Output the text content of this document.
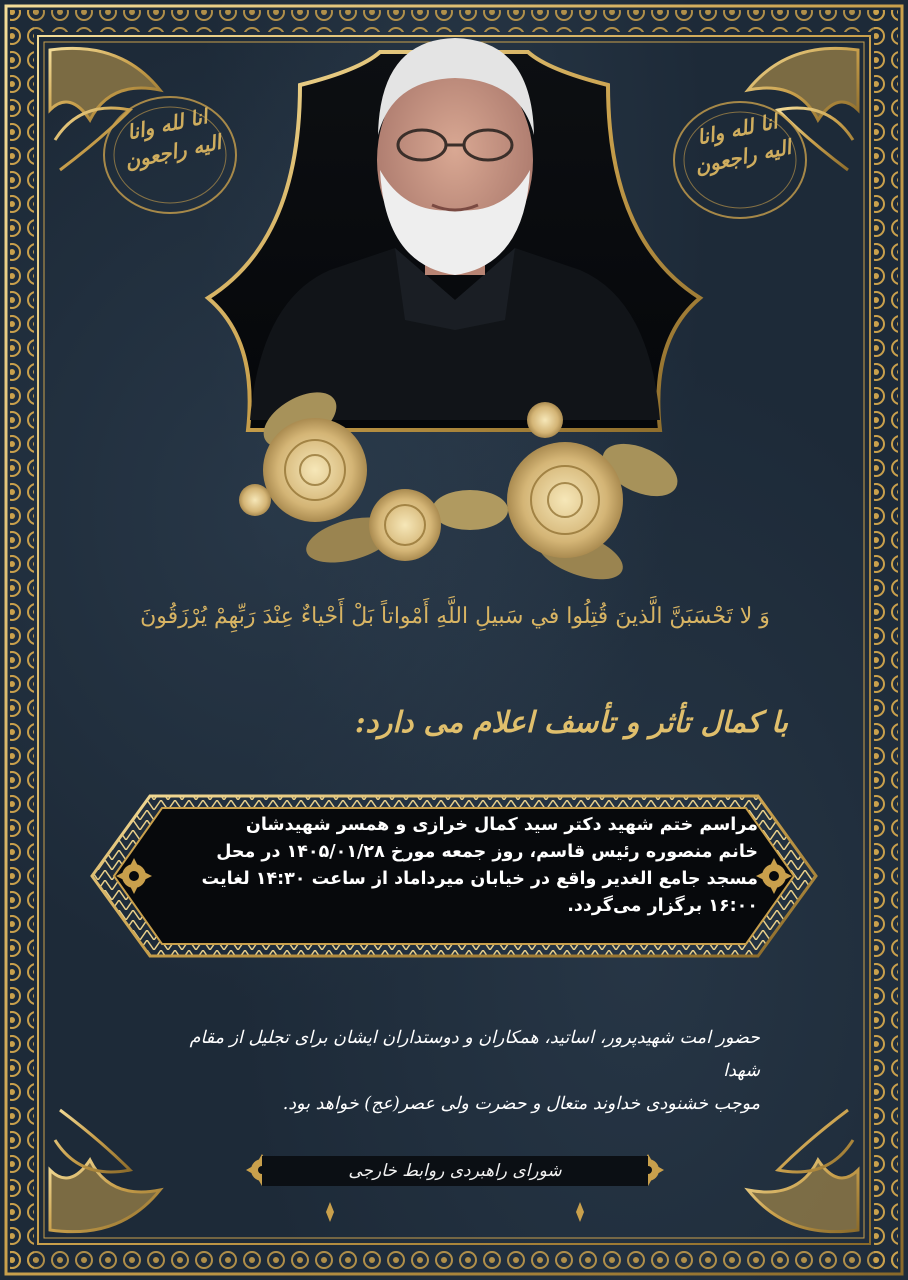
انا لله وانا الیه راجعون
انا لله وانا الیه راجعون
وَ لا تَحْسَبَنَّ الَّذينَ قُتِلُوا في سَبيلِ اللَّهِ أَمْواتاً بَلْ أَحْياءٌ عِنْدَ رَبِّهِمْ يُرْزَقُونَ
با کمال تأثر و تأسف اعلام می دارد:
مراسم ختم شهید دکتر سید کمال خرازی و همسر شهیدشان
خانم منصوره رئیس قاسم، روز جمعه مورخ ۱۴۰۵/۰۱/۲۸ در محل
مسجد جامع الغدیر واقع در خیابان میرداماد از ساعت ۱۴:۳۰ لغایت
۱۶:۰۰ برگزار می‌گردد.
حضور امت شهیدپرور، اساتید، همکاران و دوستداران ایشان برای تجلیل از مقام شهدا
موجب خشنودی خداوند متعال و حضرت ولی عصر(عج) خواهد بود.
شورای راهبردی روابط خارجی
